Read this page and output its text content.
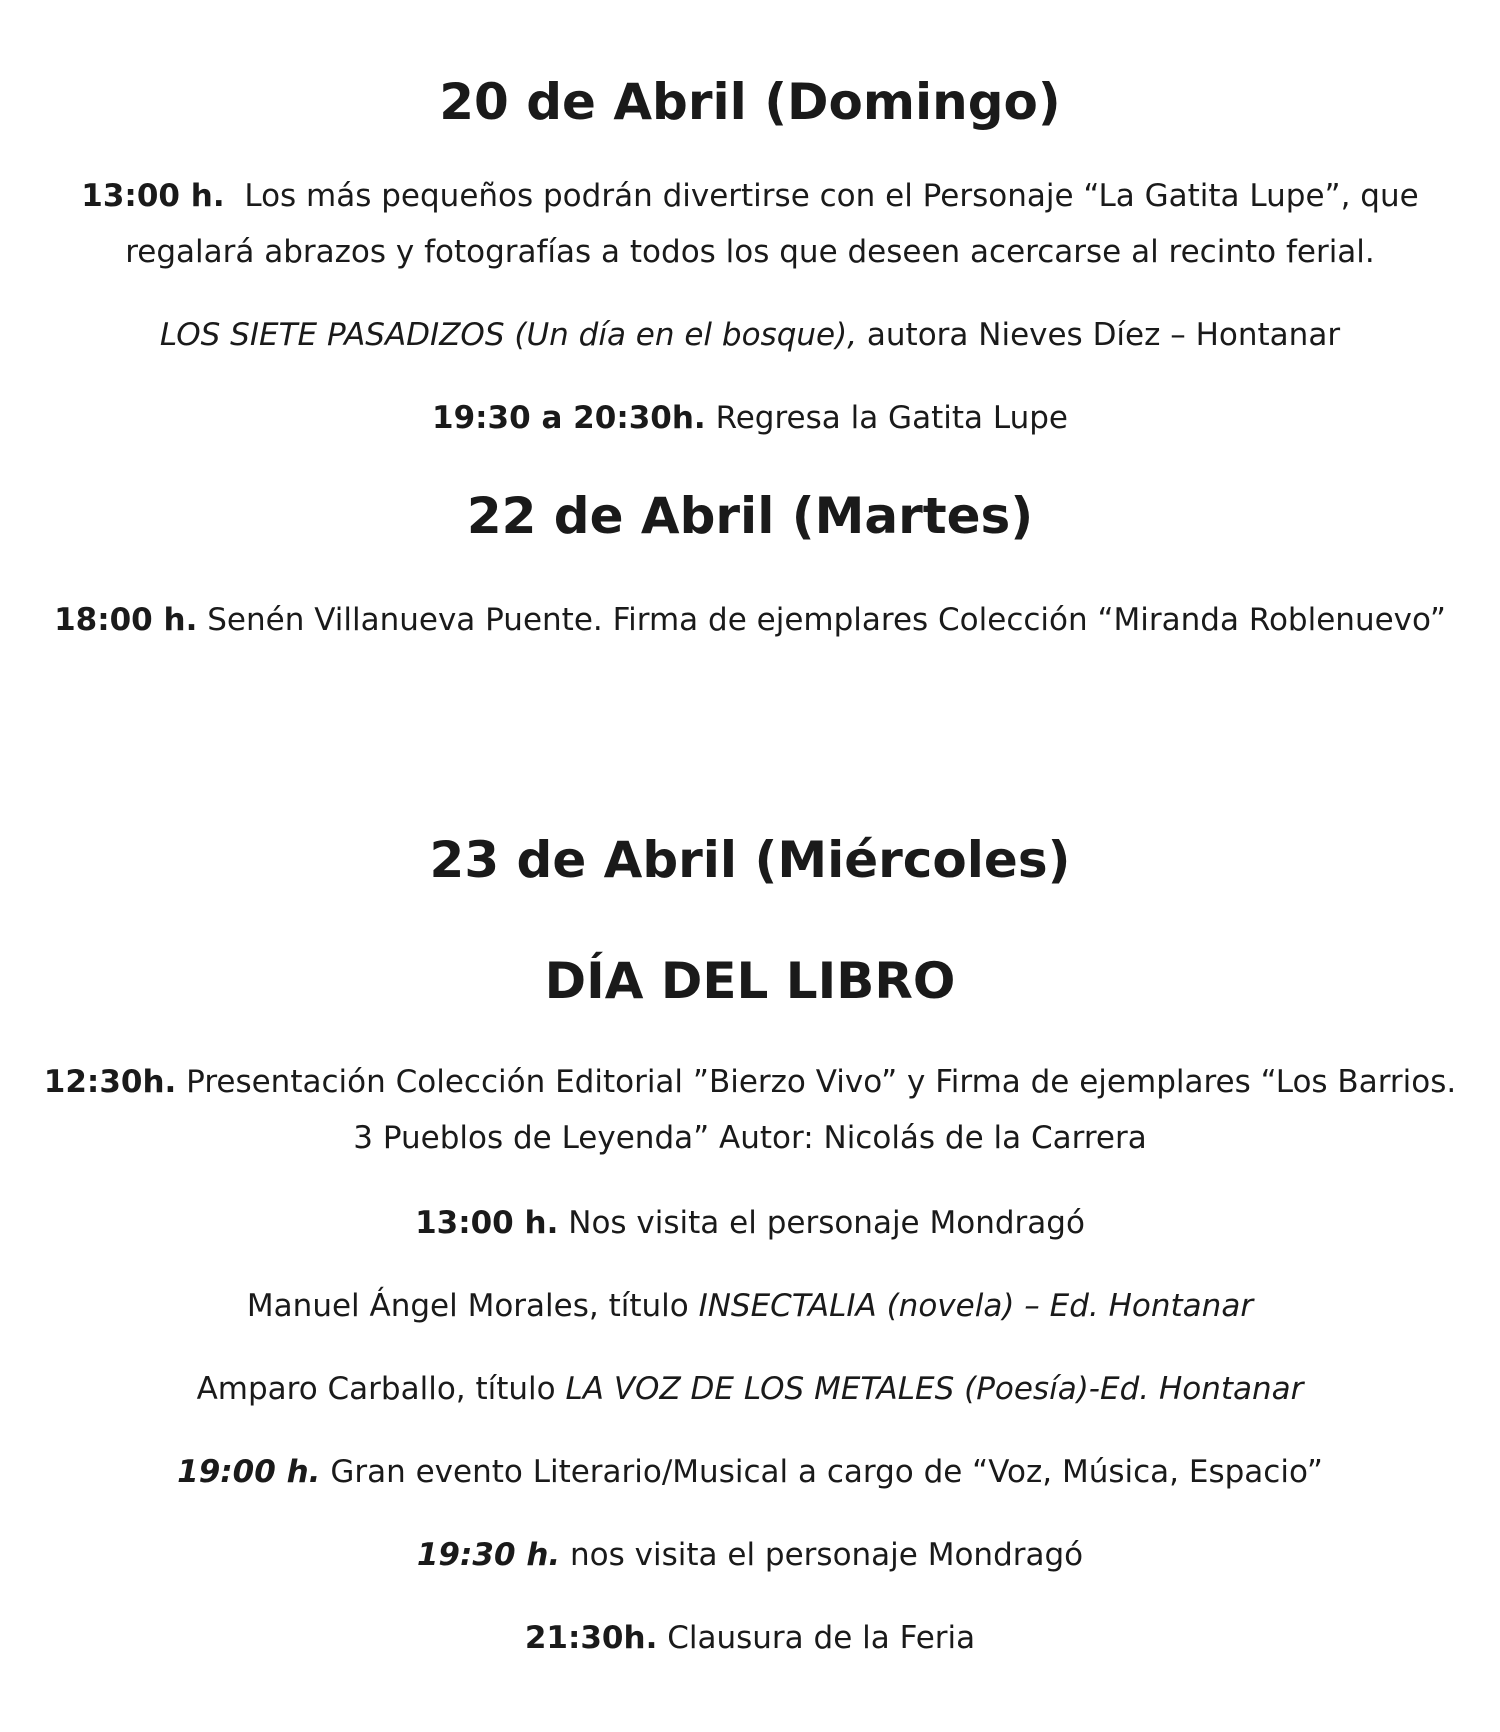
20 de Abril (Domingo)

13:00 h. Los más pequeños podrán divertirse con el Personaje “La Gatita Lupe”, que regalará abrazos y fotografías a todos los que deseen acercarse al recinto ferial.

LOS SIETE PASADIZOS (Un día en el bosque), autora Nieves Díez – Hontanar

19:30 a 20:30h. Regresa la Gatita Lupe

22 de Abril (Martes)

18:00 h. Senén Villanueva Puente. Firma de ejemplares Colección “Miranda Roblenuevo”

23 de Abril (Miércoles)
DÍA DEL LIBRO

12:30h. Presentación Colección Editorial ”Bierzo Vivo” y Firma de ejemplares “Los Barrios. 3 Pueblos de Leyenda” Autor: Nicolás de la Carrera

13:00 h. Nos visita el personaje Mondragó

Manuel Ángel Morales, título INSECTALIA (novela) – Ed. Hontanar

Amparo Carballo, título LA VOZ DE LOS METALES (Poesía)-Ed. Hontanar

19:00 h. Gran evento Literario/Musical a cargo de “Voz, Música, Espacio”

19:30 h. nos visita el personaje Mondragó

21:30h. Clausura de la Feria
